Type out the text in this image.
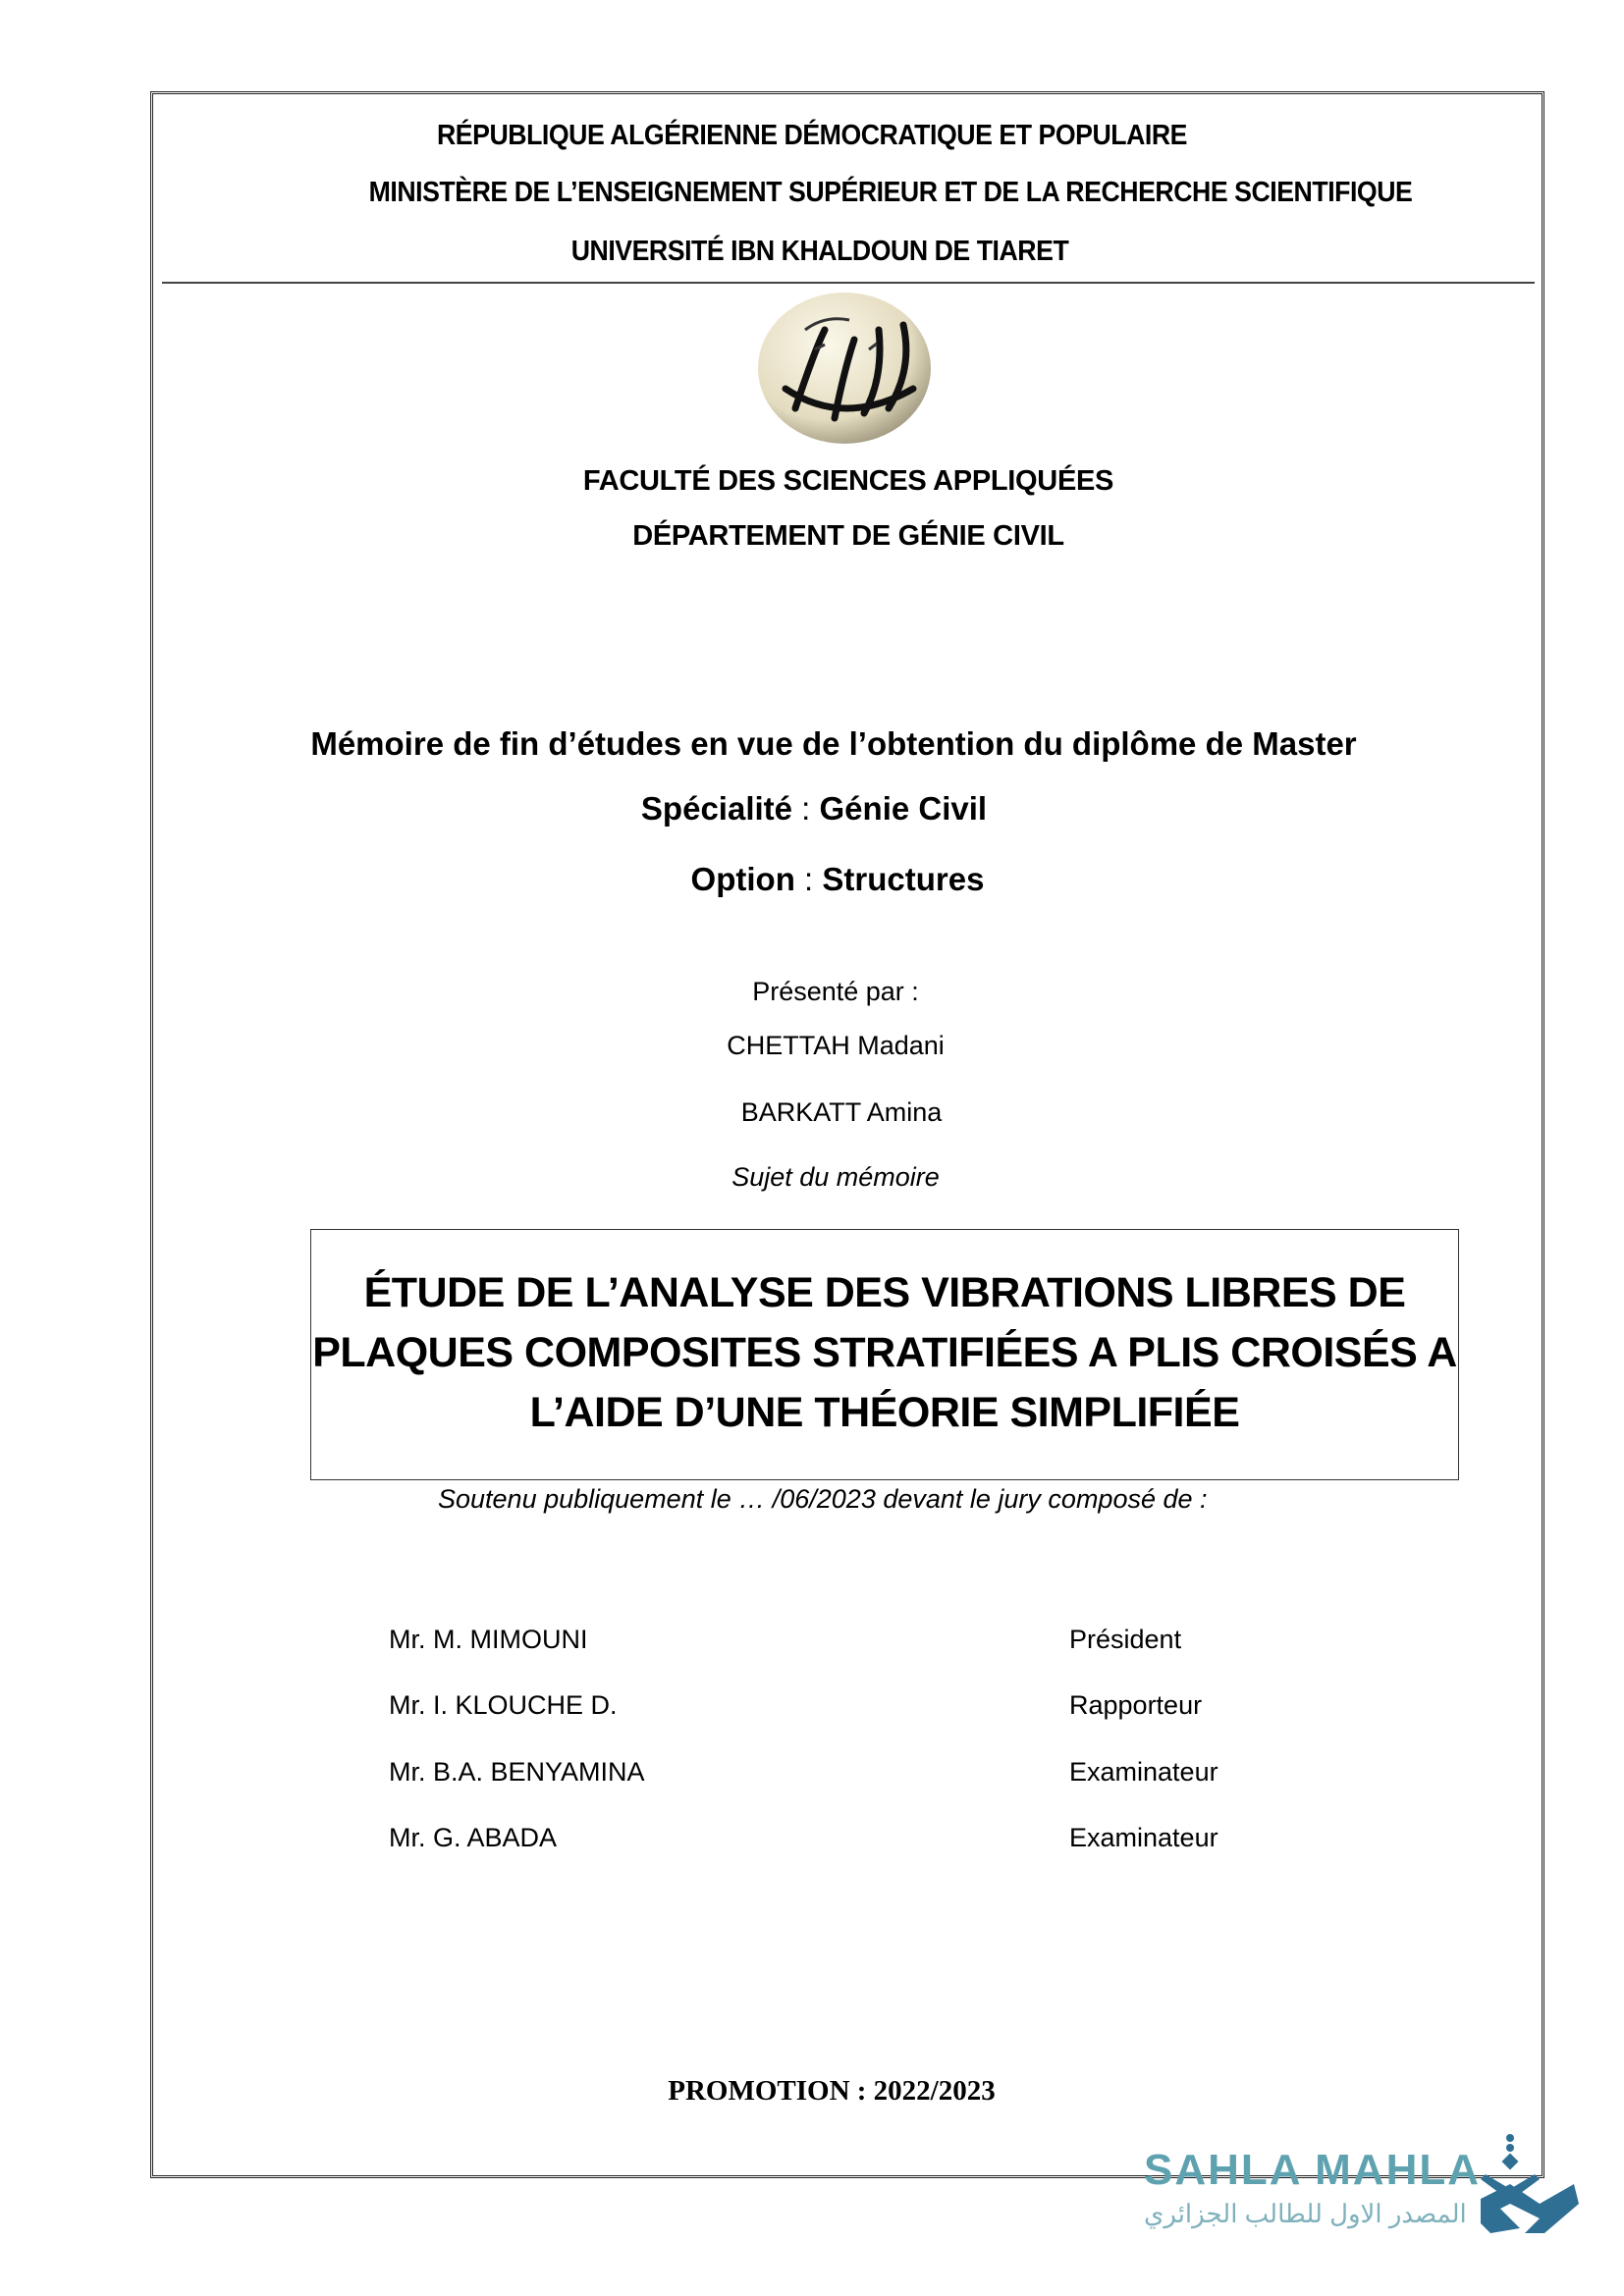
RÉPUBLIQUE ALGÉRIENNE DÉMOCRATIQUE ET POPULAIRE
MINISTÈRE DE L’ENSEIGNEMENT SUPÉRIEUR ET DE LA RECHERCHE SCIENTIFIQUE
UNIVERSITÉ IBN KHALDOUN DE TIARET
FACULTÉ DES SCIENCES APPLIQUÉES
DÉPARTEMENT DE GÉNIE CIVIL
Mémoire de fin d’études en vue de l’obtention du diplôme de Master
Spécialité : Génie Civil
Option : Structures
Présenté par :
CHETTAH Madani
BARKATT Amina
Sujet du mémoire
ÉTUDE DE L’ANALYSE DES VIBRATIONS LIBRES DE
PLAQUES COMPOSITES STRATIFIÉES A PLIS CROISÉS A
L’AIDE D’UNE THÉORIE SIMPLIFIÉE
Soutenu publiquement le … /06/2023 devant le jury composé de :
Mr. M. MIMOUNI	Président
Mr. I. KLOUCHE D.	Rapporteur
Mr. B.A. BENYAMINA	Examinateur
Mr. G. ABADA	Examinateur
PROMOTION : 2022/2023
SAHLA MAHLA
المصدر الاول للطالب الجزائري
